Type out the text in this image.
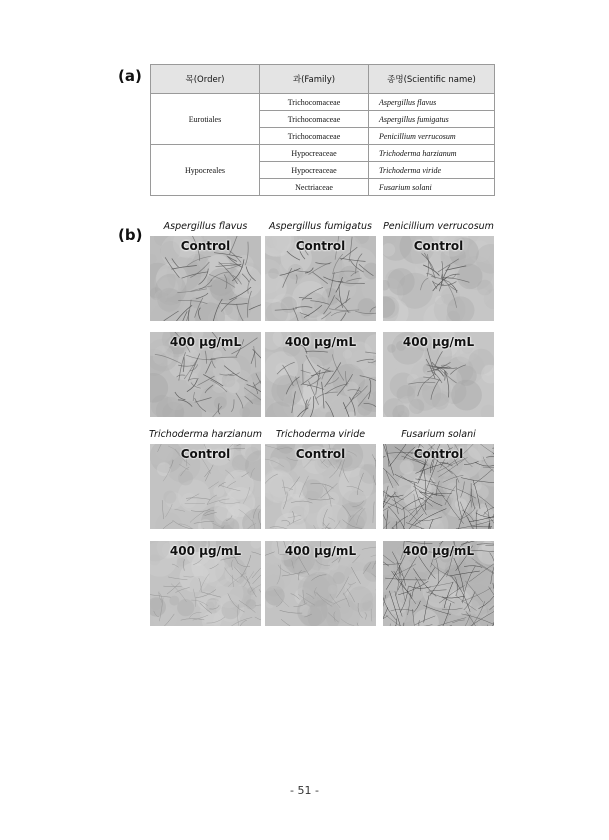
(a)	목(Order)	과(Family)	종명(Scientific name)
Eurotiales	Trichocomaceae	Aspergillus flavus
	Trichocomaceae	Aspergillus fumigatus
	Trichocomaceae	Penicillium verrucosum
Hypocreales	Hypocreaceae	Trichoderma harzianum
	Hypocreaceae	Trichoderma viride
	Nectriaceae	Fusarium solani
(b)	Aspergillus flavus
Control
400 μg/mL
Aspergillus fumigatus
Control
400 μg/mL
Penicillium verrucosum
Control
400 μg/mL
Trichoderma harzianum
Control
400 μg/mL
Trichoderma viride
Control
400 μg/mL
Fusarium solani
Control
400 μg/mL
- 51 -
